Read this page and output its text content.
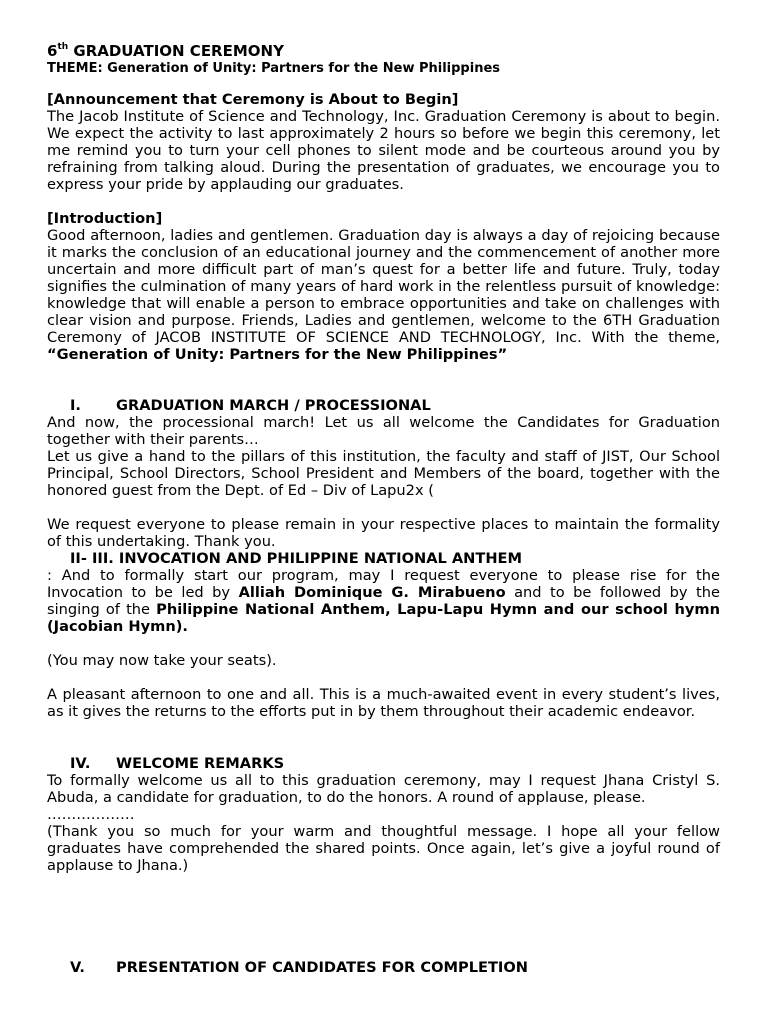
6th GRADUATION CEREMONY
THEME: Generation of Unity: Partners for the New Philippines

[Announcement that Ceremony is About to Begin]

The Jacob Institute of Science and Technology, Inc. Graduation Ceremony is about to begin. We expect the activity to last approximately 2 hours so before we begin this ceremony, let me remind you to turn your cell phones to silent mode and be courteous around you by refraining from talking aloud. During the presentation of graduates, we encourage you to express your pride by applauding our graduates.

[Introduction]

Good afternoon, ladies and gentlemen. Graduation day is always a day of rejoicing because it marks the conclusion of an educational journey and the commencement of another more uncertain and more difficult part of man’s quest for a better life and future. Truly, today signifies the culmination of many years of hard work in the relentless pursuit of knowledge: knowledge that will enable a person to embrace opportunities and take on challenges with clear vision and purpose. Friends, Ladies and gentlemen, welcome to the 6TH Graduation Ceremony of JACOB INSTITUTE OF SCIENCE AND TECHNOLOGY, Inc. With the theme, “Generation of Unity: Partners for the New Philippines”

I. GRADUATION MARCH / PROCESSIONAL

And now, the processional march! Let us all welcome the Candidates for Graduation together with their parents…

Let us give a hand to the pillars of this institution, the faculty and staff of JIST, Our School Principal, School Directors, School President and Members of the board, together with the honored guest from the Dept. of Ed – Div of Lapu2x (

We request everyone to please remain in your respective places to maintain the formality of this undertaking. Thank you.

II- III. INVOCATION AND PHILIPPINE NATIONAL ANTHEM

: And to formally start our program, may I request everyone to please rise for the Invocation to be led by Alliah Dominique G. Mirabueno and to be followed by the singing of the Philippine National Anthem, Lapu-Lapu Hymn and our school hymn (Jacobian Hymn).

(You may now take your seats).

A pleasant afternoon to one and all. This is a much-awaited event in every student’s lives, as it gives the returns to the efforts put in by them throughout their academic endeavor.

IV. WELCOME REMARKS

To formally welcome us all to this graduation ceremony, may I request Jhana Cristyl S. Abuda, a candidate for graduation, to do the honors. A round of applause, please.

………………

(Thank you so much for your warm and thoughtful message. I hope all your fellow graduates have comprehended the shared points. Once again, let’s give a joyful round of applause to Jhana.)

V. PRESENTATION OF CANDIDATES FOR COMPLETION
